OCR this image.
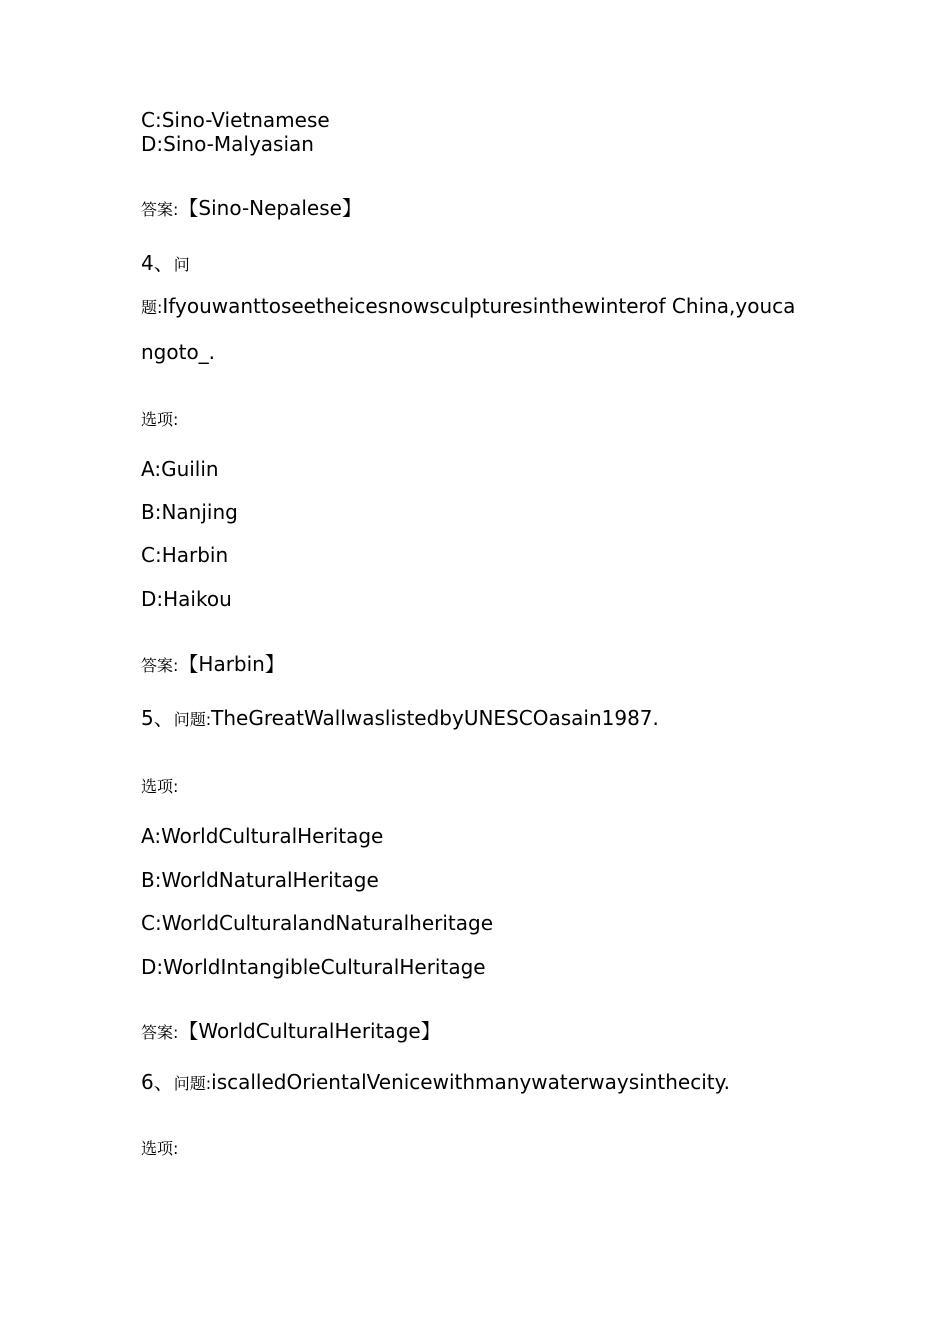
C:Sino-Vietnamese
D:Sino-Malyasian
答案:【Sino-Nepalese】
4、问
题:Ifyouwanttoseetheicesnowsculpturesinthewinterof China,youca
ngoto_.
选项:
A:Guilin
B:Nanjing
C:Harbin
D:Haikou
答案:【Harbin】
5、问题:TheGreatWallwaslistedbyUNESCOasain1987.
选项:
A:WorldCulturalHeritage
B:WorldNaturalHeritage
C:WorldCulturalandNaturalheritage
D:WorldIntangibleCulturalHeritage
答案:【WorldCulturalHeritage】
6、问题:iscalledOrientalVenicewithmanywaterwaysinthecity.
选项:
